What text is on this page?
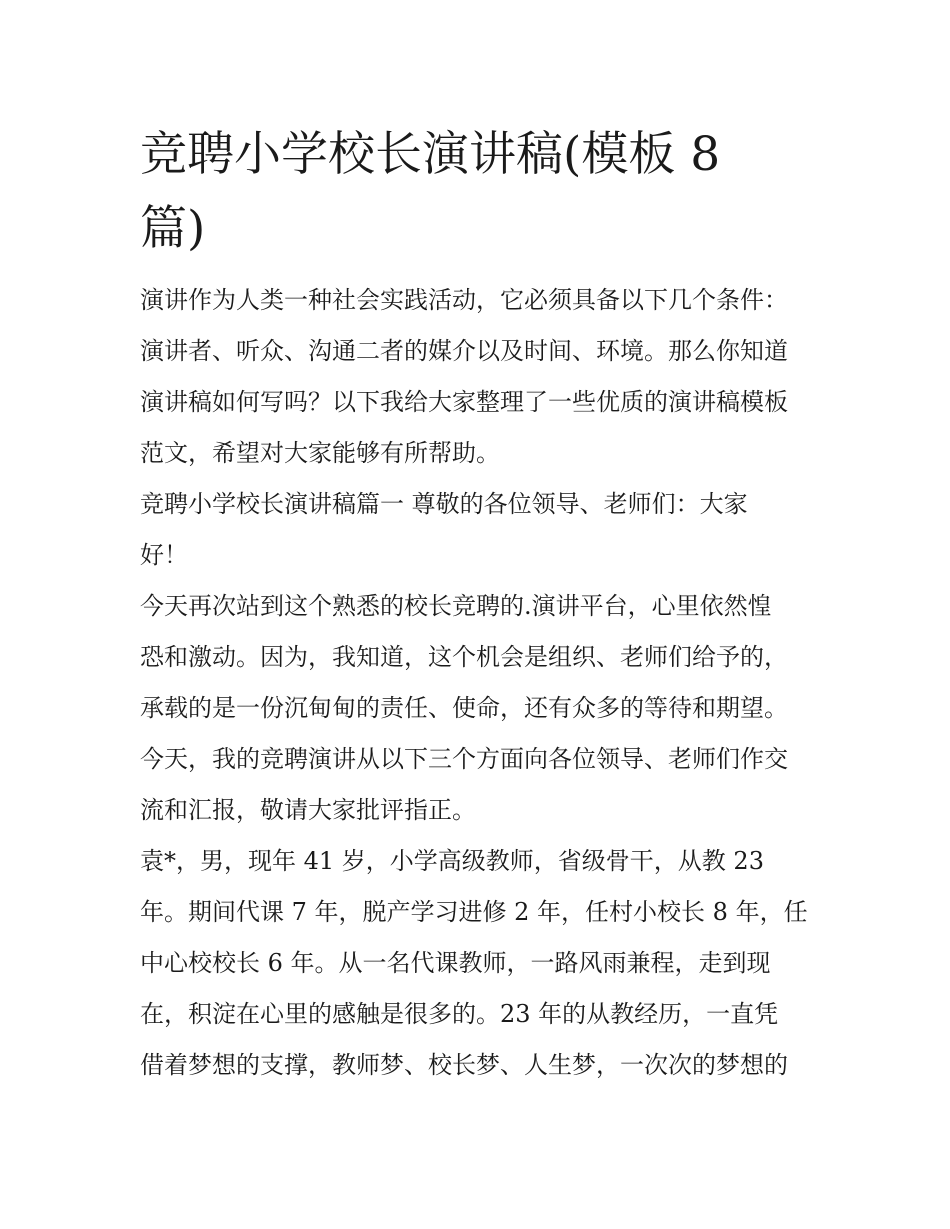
竞聘小学校长演讲稿(模板 8
篇)
演讲作为人类一种社会实践活动，它必须具备以下几个条件：
演讲者、听众、沟通二者的媒介以及时间、环境。那么你知道
演讲稿如何写吗？以下我给大家整理了一些优质的演讲稿模板
范文，希望对大家能够有所帮助。
竞聘小学校长演讲稿篇一 尊敬的各位领导、老师们：大家
好！
今天再次站到这个熟悉的校长竞聘的.演讲平台，心里依然惶
恐和激动。因为，我知道，这个机会是组织、老师们给予的，
承载的是一份沉甸甸的责任、使命，还有众多的等待和期望。
今天，我的竞聘演讲从以下三个方面向各位领导、老师们作交
流和汇报，敬请大家批评指正。
袁*，男，现年 41 岁，小学高级教师，省级骨干，从教 23
年。期间代课 7 年，脱产学习进修 2 年，任村小校长 8 年，任
中心校校长 6 年。从一名代课教师，一路风雨兼程，走到现
在，积淀在心里的感触是很多的。23 年的从教经历，一直凭
借着梦想的支撑，教师梦、校长梦、人生梦，一次次的梦想的
